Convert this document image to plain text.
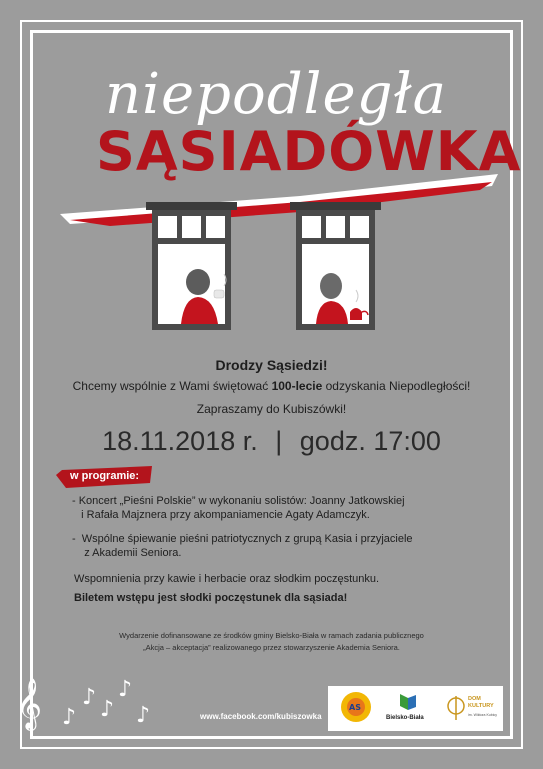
niepodległa
SĄSIADÓWKA
Drodzy Sąsiedzi!
Chcemy wspólnie z Wami świętować 100-lecie odzyskania Niepodległości!
Zapraszamy do Kubiszówki!
18.11.2018 r. | godz. 17:00
w programie:
- Koncert „Pieśni Polskie” w wykonaniu solistów: Joanny Jatkowskiej
i Rafała Majznera przy akompaniamencie Agaty Adamczyk.
-  Wspólne śpiewanie pieśni patriotycznych z grupą Kasia i przyjaciele
z Akademii Seniora.
Wspomnienia przy kawie i herbacie oraz słodkim poczęstunku.
Biletem wstępu jest słodki poczęstunek dla sąsiada!
Wydarzenie dofinansowane ze środków gminy Bielsko-Biała w ramach zadania publicznego
„Akcja – akceptacja” realizowanego przez stowarzyszenie Akademia Seniora.
𝄞 ♪
♪ ♪
♪
♪	www.facebook.com/kubiszowka
AS
Bielsko-Biała
DOM KULTURY
im. Wiktora Kubicy
